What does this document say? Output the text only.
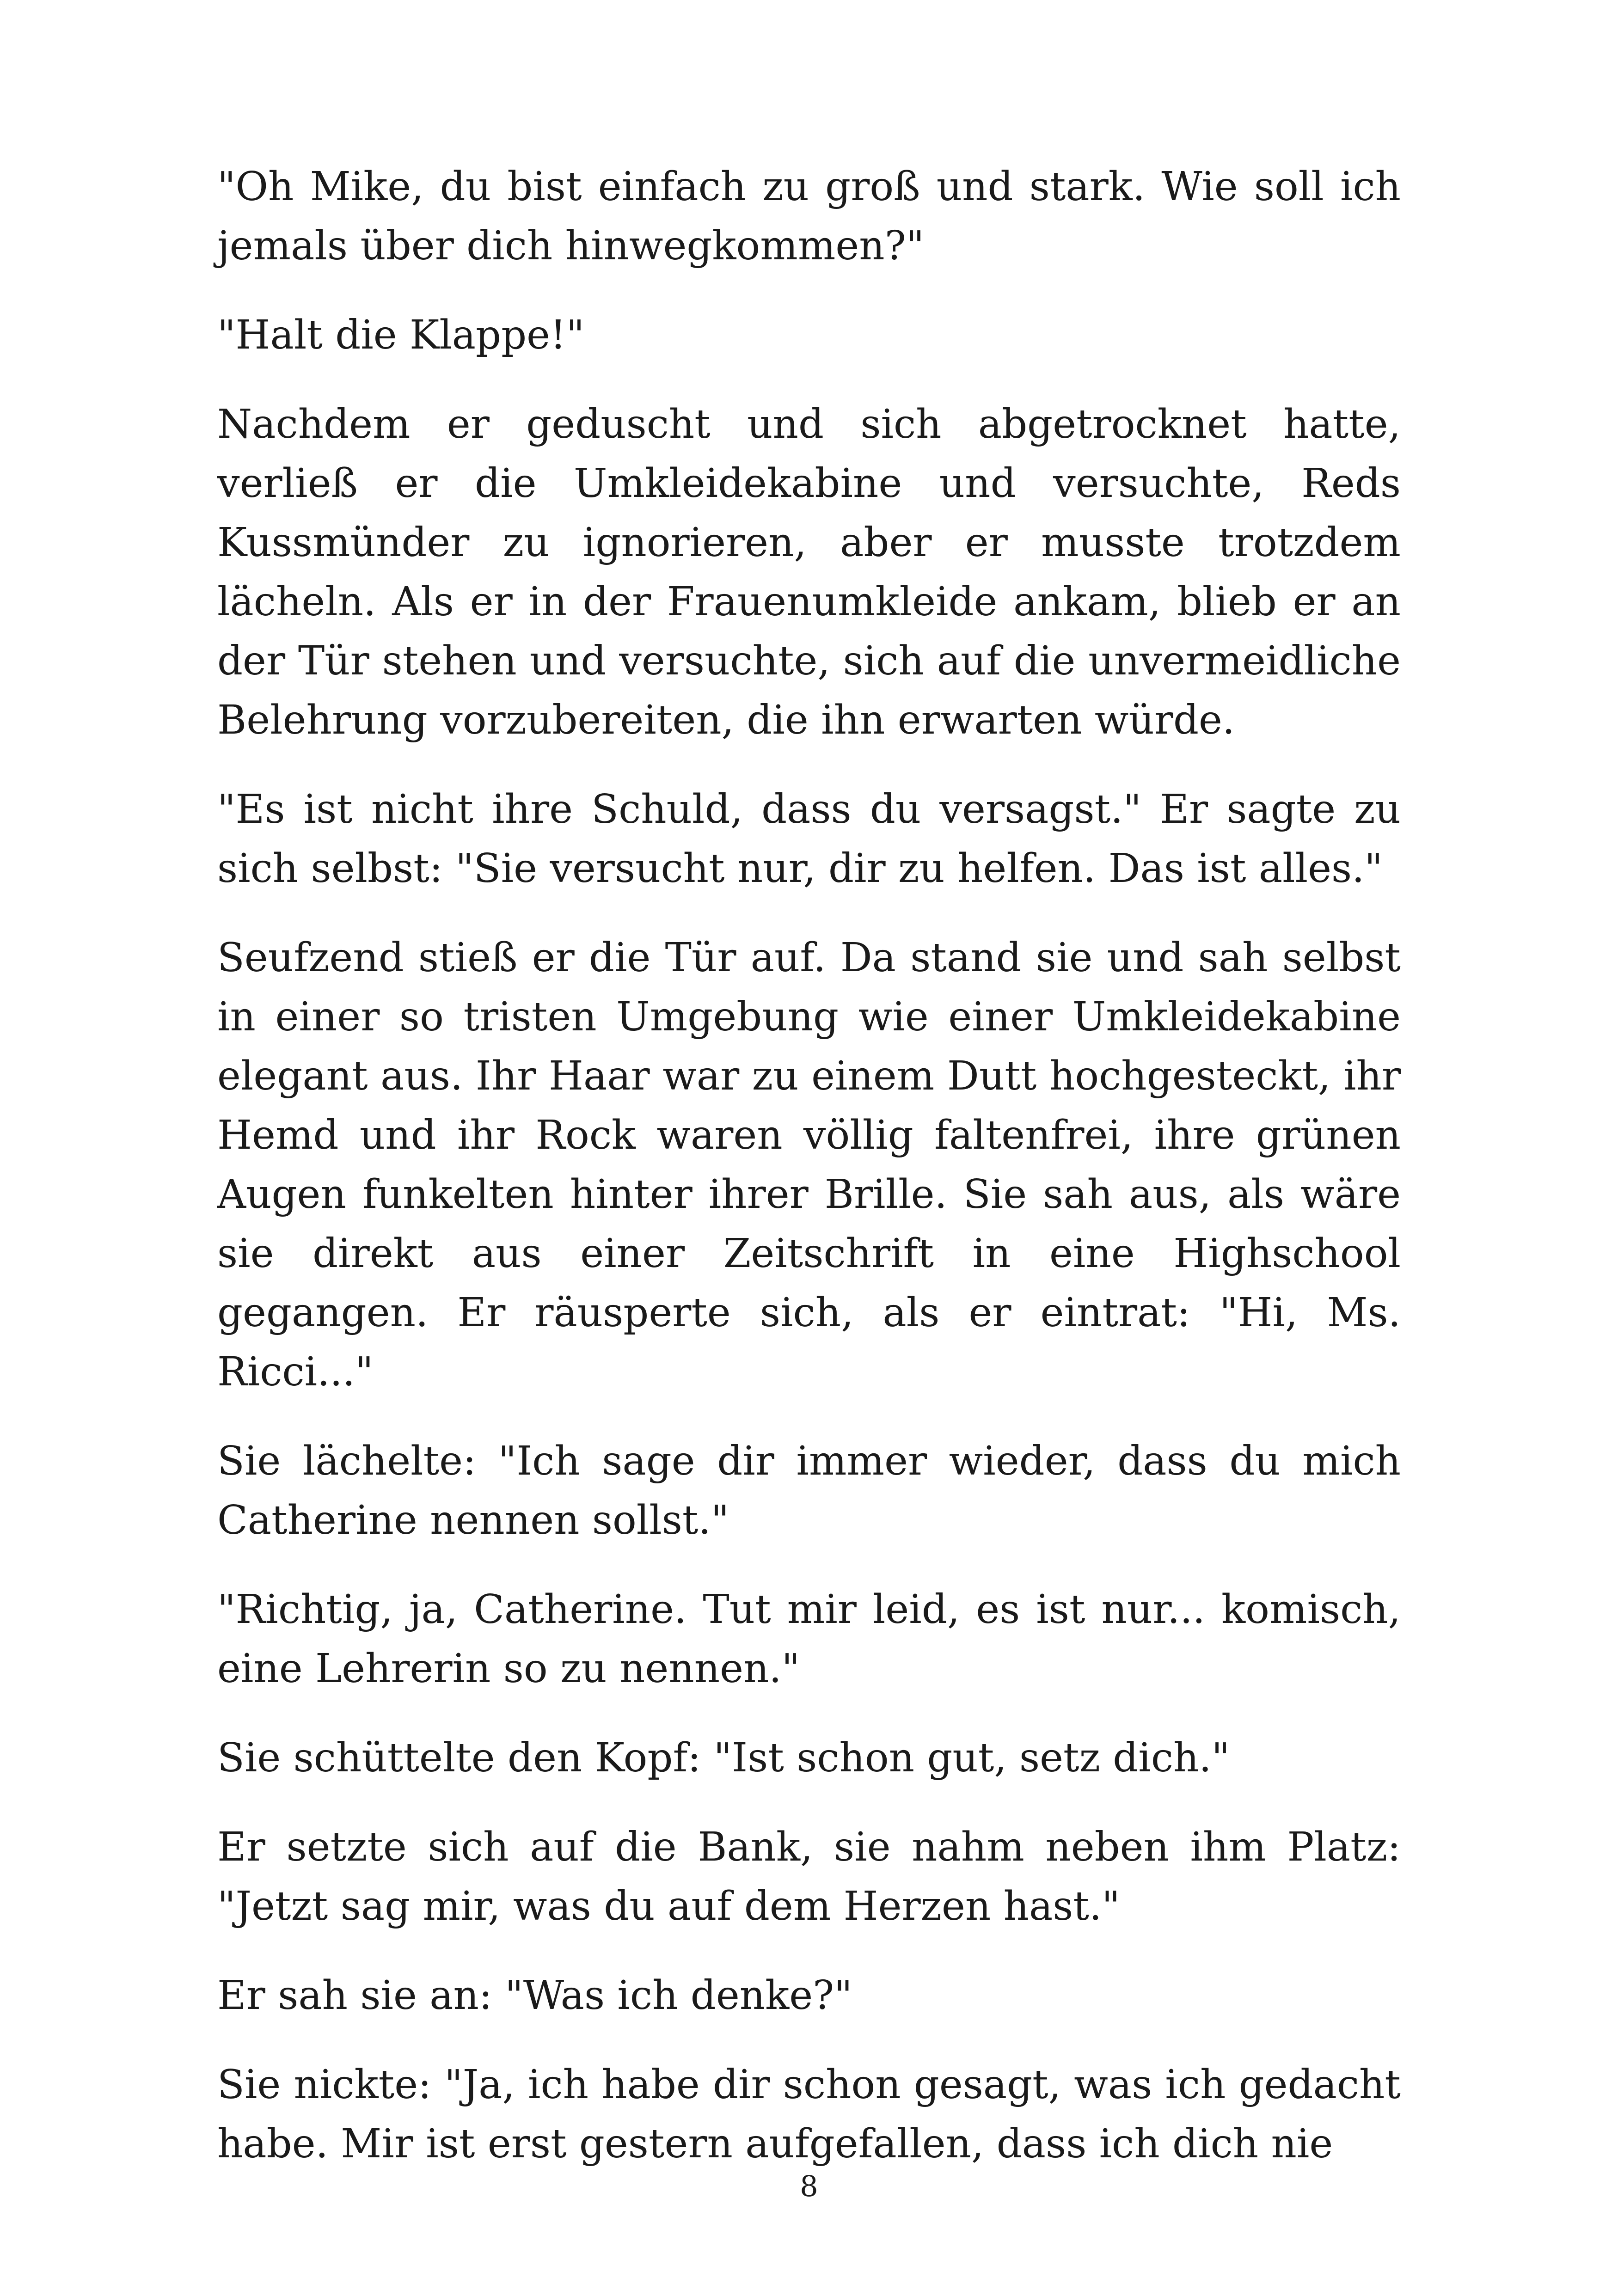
"Oh Mike, du bist einfach zu groß und stark. Wie soll ich jemals über dich hinwegkommen?"

"Halt die Klappe!"

Nachdem er geduscht und sich abgetrocknet hatte, verließ er die Umkleidekabine und versuchte, Reds Kussmünder zu ignorieren, aber er musste trotzdem lächeln. Als er in der Frauenumkleide ankam, blieb er an der Tür stehen und versuchte, sich auf die unvermeidliche Belehrung vorzubereiten, die ihn erwarten würde.

"Es ist nicht ihre Schuld, dass du versagst." Er sagte zu sich selbst: "Sie versucht nur, dir zu helfen. Das ist alles."

Seufzend stieß er die Tür auf. Da stand sie und sah selbst in einer so tristen Umgebung wie einer Umkleidekabine elegant aus. Ihr Haar war zu einem Dutt hochgesteckt, ihr Hemd und ihr Rock waren völlig faltenfrei, ihre grünen Augen funkelten hinter ihrer Brille. Sie sah aus, als wäre sie direkt aus einer Zeitschrift in eine Highschool gegangen. Er räusperte sich, als er eintrat: "Hi, Ms. Ricci..."

Sie lächelte: "Ich sage dir immer wieder, dass du mich Catherine nennen sollst."

"Richtig, ja, Catherine. Tut mir leid, es ist nur... komisch, eine Lehrerin so zu nennen."

Sie schüttelte den Kopf: "Ist schon gut, setz dich."

Er setzte sich auf die Bank, sie nahm neben ihm Platz: "Jetzt sag mir, was du auf dem Herzen hast."

Er sah sie an: "Was ich denke?"

Sie nickte: "Ja, ich habe dir schon gesagt, was ich gedacht habe. Mir ist erst gestern aufgefallen, dass ich dich nie

8
